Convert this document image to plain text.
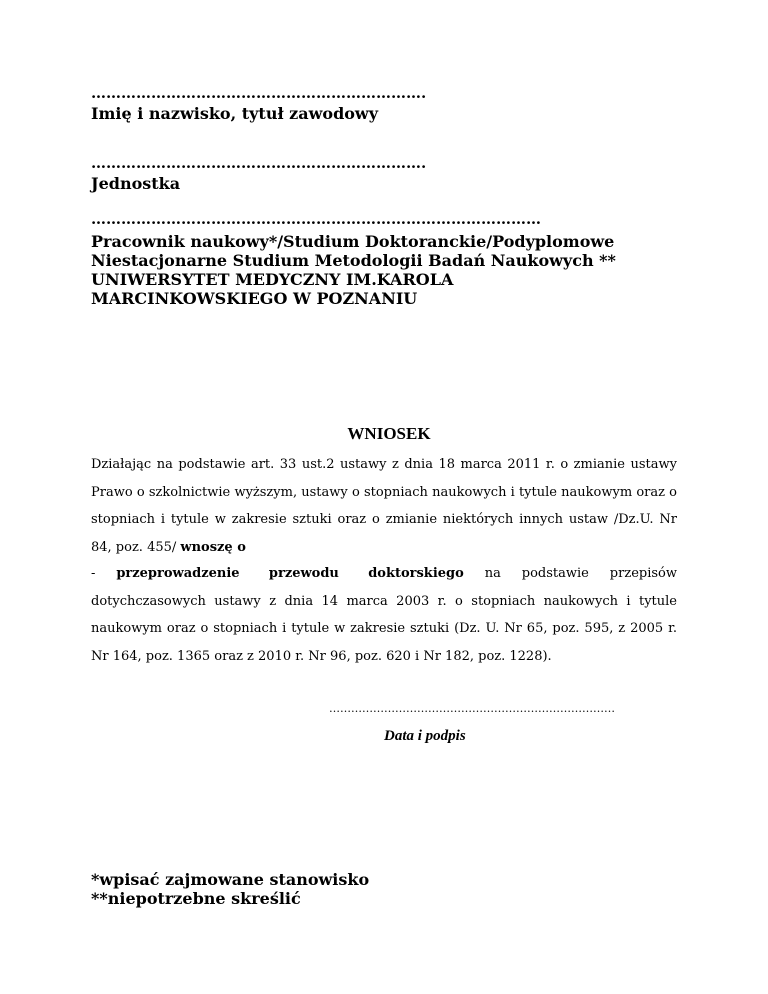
………………………………………………………….
Imię i nazwisko, tytuł zawodowy
………………………………………………………….
Jednostka
………………………………………………………………………………
Pracownik naukowy*/Studium Doktoranckie/Podyplomowe
Niestacjonarne Studium Metodologii Badań Naukowych **
UNIWERSYTET MEDYCZNY IM.KAROLA
MARCINKOWSKIEGO W POZNANIU
WNIOSEK
Działając na podstawie art. 33 ust.2 ustawy z dnia 18 marca 2011 r. o zmianie ustawy Prawo o szkolnictwie wyższym, ustawy o stopniach naukowych i tytule naukowym oraz o stopniach i tytule w zakresie sztuki oraz o zmianie niektórych innych ustaw /Dz.U. Nr 84, poz. 455/ wnoszę o
- przeprowadzenie przewodu doktorskiego na podstawie przepisów dotychczasowych ustawy z dnia 14 marca 2003 r. o stopniach naukowych i tytule naukowym oraz o stopniach i tytule w zakresie sztuki (Dz. U. Nr 65, poz. 595, z 2005 r. Nr 164, poz. 1365 oraz z 2010 r. Nr 96, poz. 620 i Nr 182, poz. 1228).
……………………………………………………………………
Data i podpis
*wpisać zajmowane stanowisko
**niepotrzebne skreślić
